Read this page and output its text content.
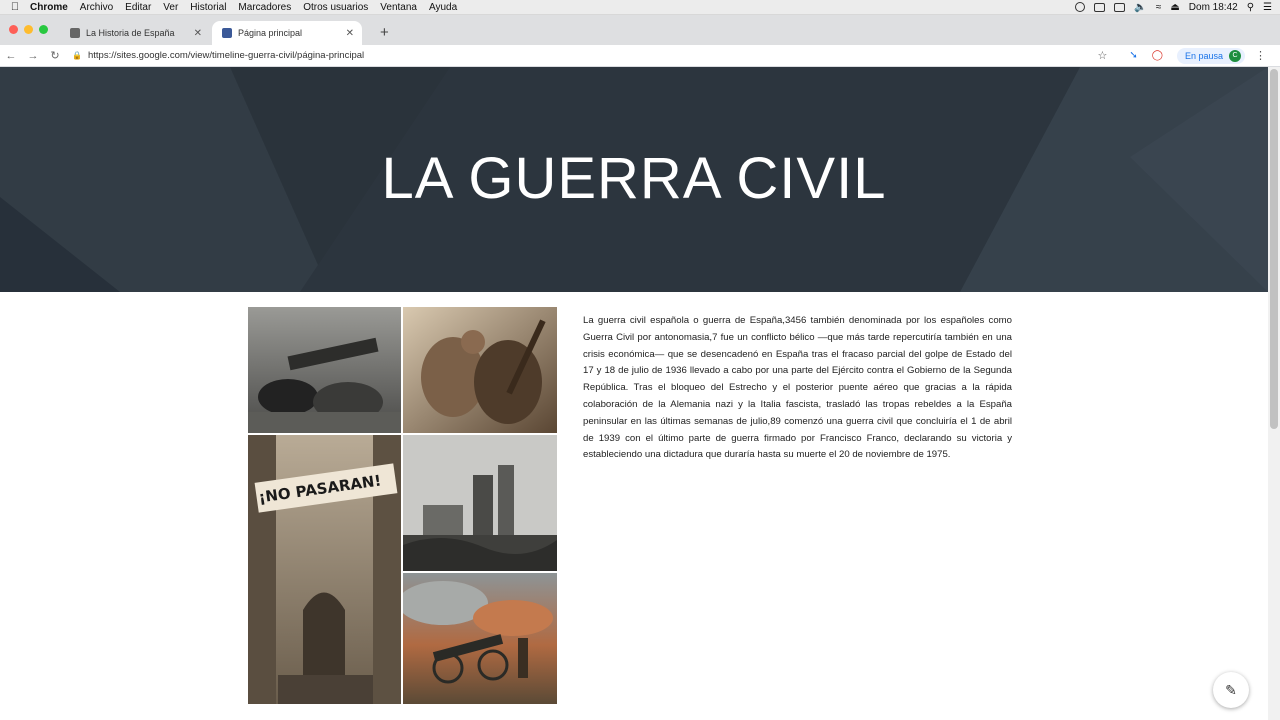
Chrome Archivo Editar Ver Historial Marcadores Otros usuarios Ventana Ayuda	🔈 ≈ ⏏ Dom 18:42 ⚲ ☰
La Historia de España ✕	Página principal	✕ +
←	→	↻	🔒 https://sites.google.com/view/timeline-guerra-civil/página-principal	☆ ➘ ◯ En pausa	C	⋮
LA GUERRA CIVIL
¡NO PASARAN!
La guerra civil española o guerra de España,3456 también denominada por los españoles como Guerra Civil por antonomasia,7 fue un conflicto bélico —que más tarde repercutiría también en una crisis económica— que se desencadenó en España tras el fracaso parcial del golpe de Estado del 17 y 18 de julio de 1936 llevado a cabo por una parte del Ejército contra el Gobierno de la Segunda República. Tras el bloqueo del Estrecho y el posterior puente aéreo que gracias a la rápida colaboración de la Alemania nazi y la Italia fascista, trasladó las tropas rebeldes a la España peninsular en las últimas semanas de julio,89 comenzó una guerra civil que concluiría el 1 de abril de 1939 con el último parte de guerra firmado por Francisco Franco, declarando su victoria y estableciendo una dictadura que duraría hasta su muerte el 20 de noviembre de 1975.
✎
